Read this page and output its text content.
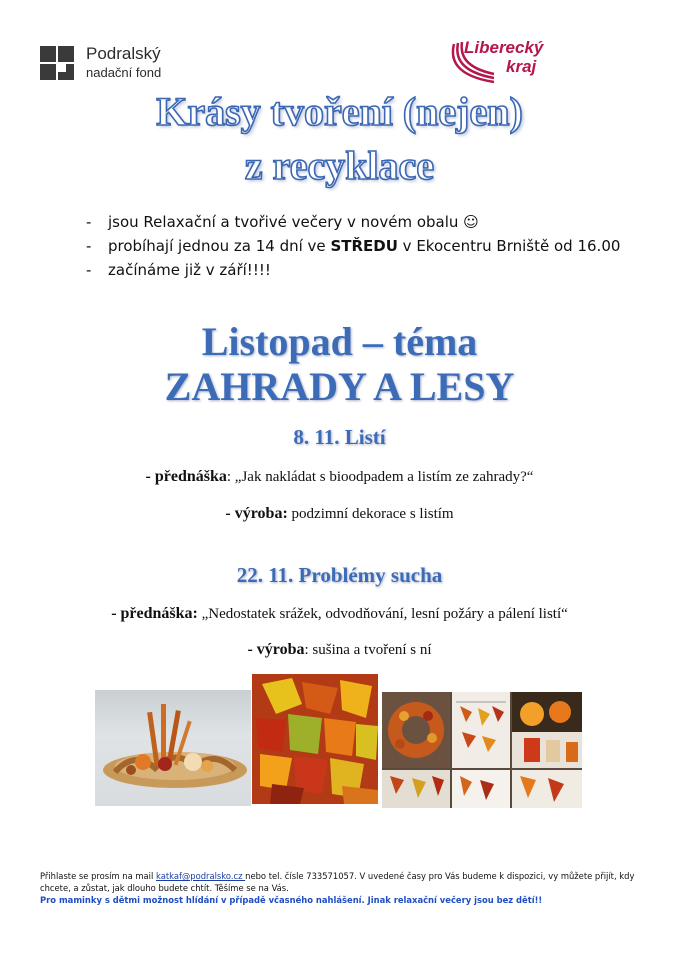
Podralský
nadační fond
Liberecký
kraj
Krásy tvoření (nejen)
z recyklace
- jsou Relaxační a tvořivé večery v novém obalu ☺
- probíhají jednou za 14 dní ve STŘEDU v Ekocentru Brniště od 16.00
- začínáme již v září!!!!
Listopad – téma
ZAHRADY A LESY
8. 11. Listí
- přednáška: „Jak nakládat s bioodpadem a listím ze zahrady?“
- výroba: podzimní dekorace s listím
22. 11. Problémy sucha
- přednáška: „Nedostatek srážek, odvodňování, lesní požáry a pálení listí“
- výroba: sušina a tvoření s ní
Přihlaste se prosím na mail katkaf@podralsko.cz nebo tel. čísle 733571057. V uvedené časy pro Vás budeme k dispozici, vy můžete přijít, kdy chcete, a zůstat, jak dlouho budete chtít. Těšíme se na Vás.
Pro maminky s dětmi možnost hlídání v případě včasného nahlášení. Jinak relaxační večery jsou bez dětí!!
